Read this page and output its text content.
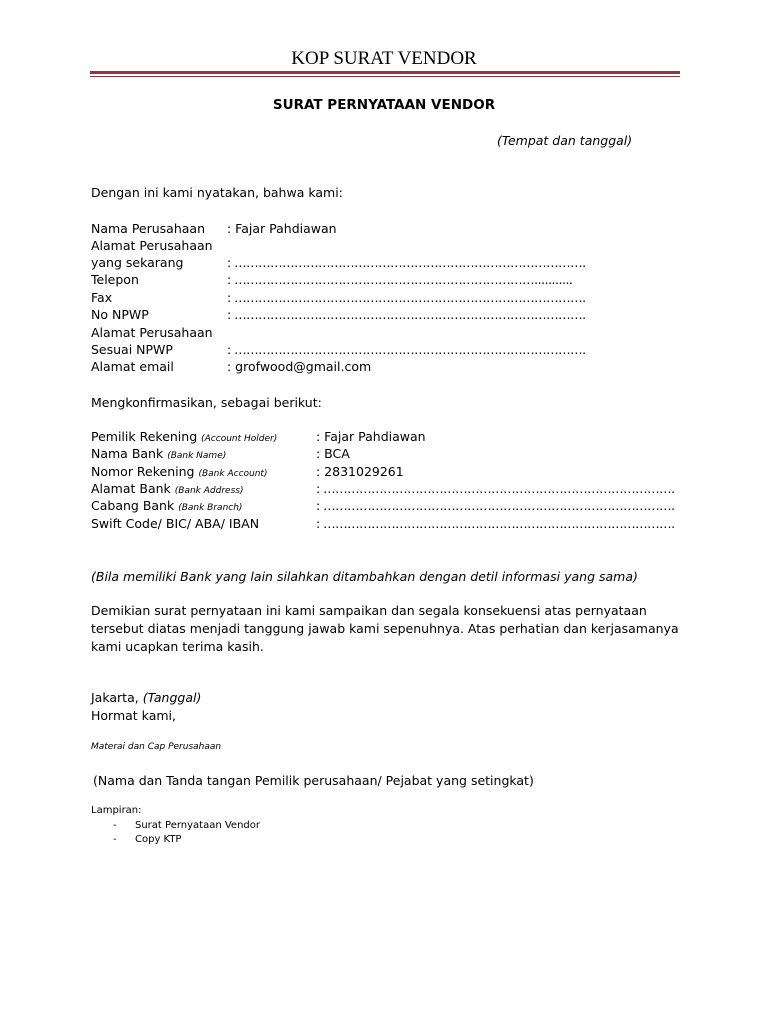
KOP SURAT VENDOR
SURAT PERNYATAAN VENDOR
(Tempat dan tanggal)
Dengan ini kami nyatakan, bahwa kami:
Nama Perusahaan : Fajar Pahdiawan
Alamat Perusahaan
yang sekarang	: …………………………………………………………………………….
Telepon	: …………………………………………………………………...........
Fax	: …………………………………………………………………………….
No NPWP	: …………………………………………………………………………….
Alamat Perusahaan
Sesuai NPWP	: …………………………………………………………………………….
Alamat email	: grofwood@gmail.com
Mengkonfirmasikan, sebagai berikut:
Pemilik Rekening (Account Holder)	: Fajar Pahdiawan
Nama Bank (Bank Name)	: BCA
Nomor Rekening (Bank Account)	: 2831029261
Alamat Bank (Bank Address)	: …………………………………………………………………………….
Cabang Bank (Bank Branch)	: …………………………………………………………………………….
Swift Code/ BIC/ ABA/ IBAN	: …………………………………………………………………………….
(Bila memiliki Bank yang lain silahkan ditambahkan dengan detil informasi yang sama)
Demikian surat pernyataan ini kami sampaikan dan segala konsekuensi atas pernyataan tersebut diatas menjadi tanggung jawab kami sepenuhnya. Atas perhatian dan kerjasamanya kami ucapkan terima kasih.
Jakarta, (Tanggal)
Hormat kami,
Materai dan Cap Perusahaan
(Nama dan Tanda tangan Pemilik perusahaan/ Pejabat yang setingkat)
Lampiran:
- Surat Pernyataan Vendor
- Copy KTP
